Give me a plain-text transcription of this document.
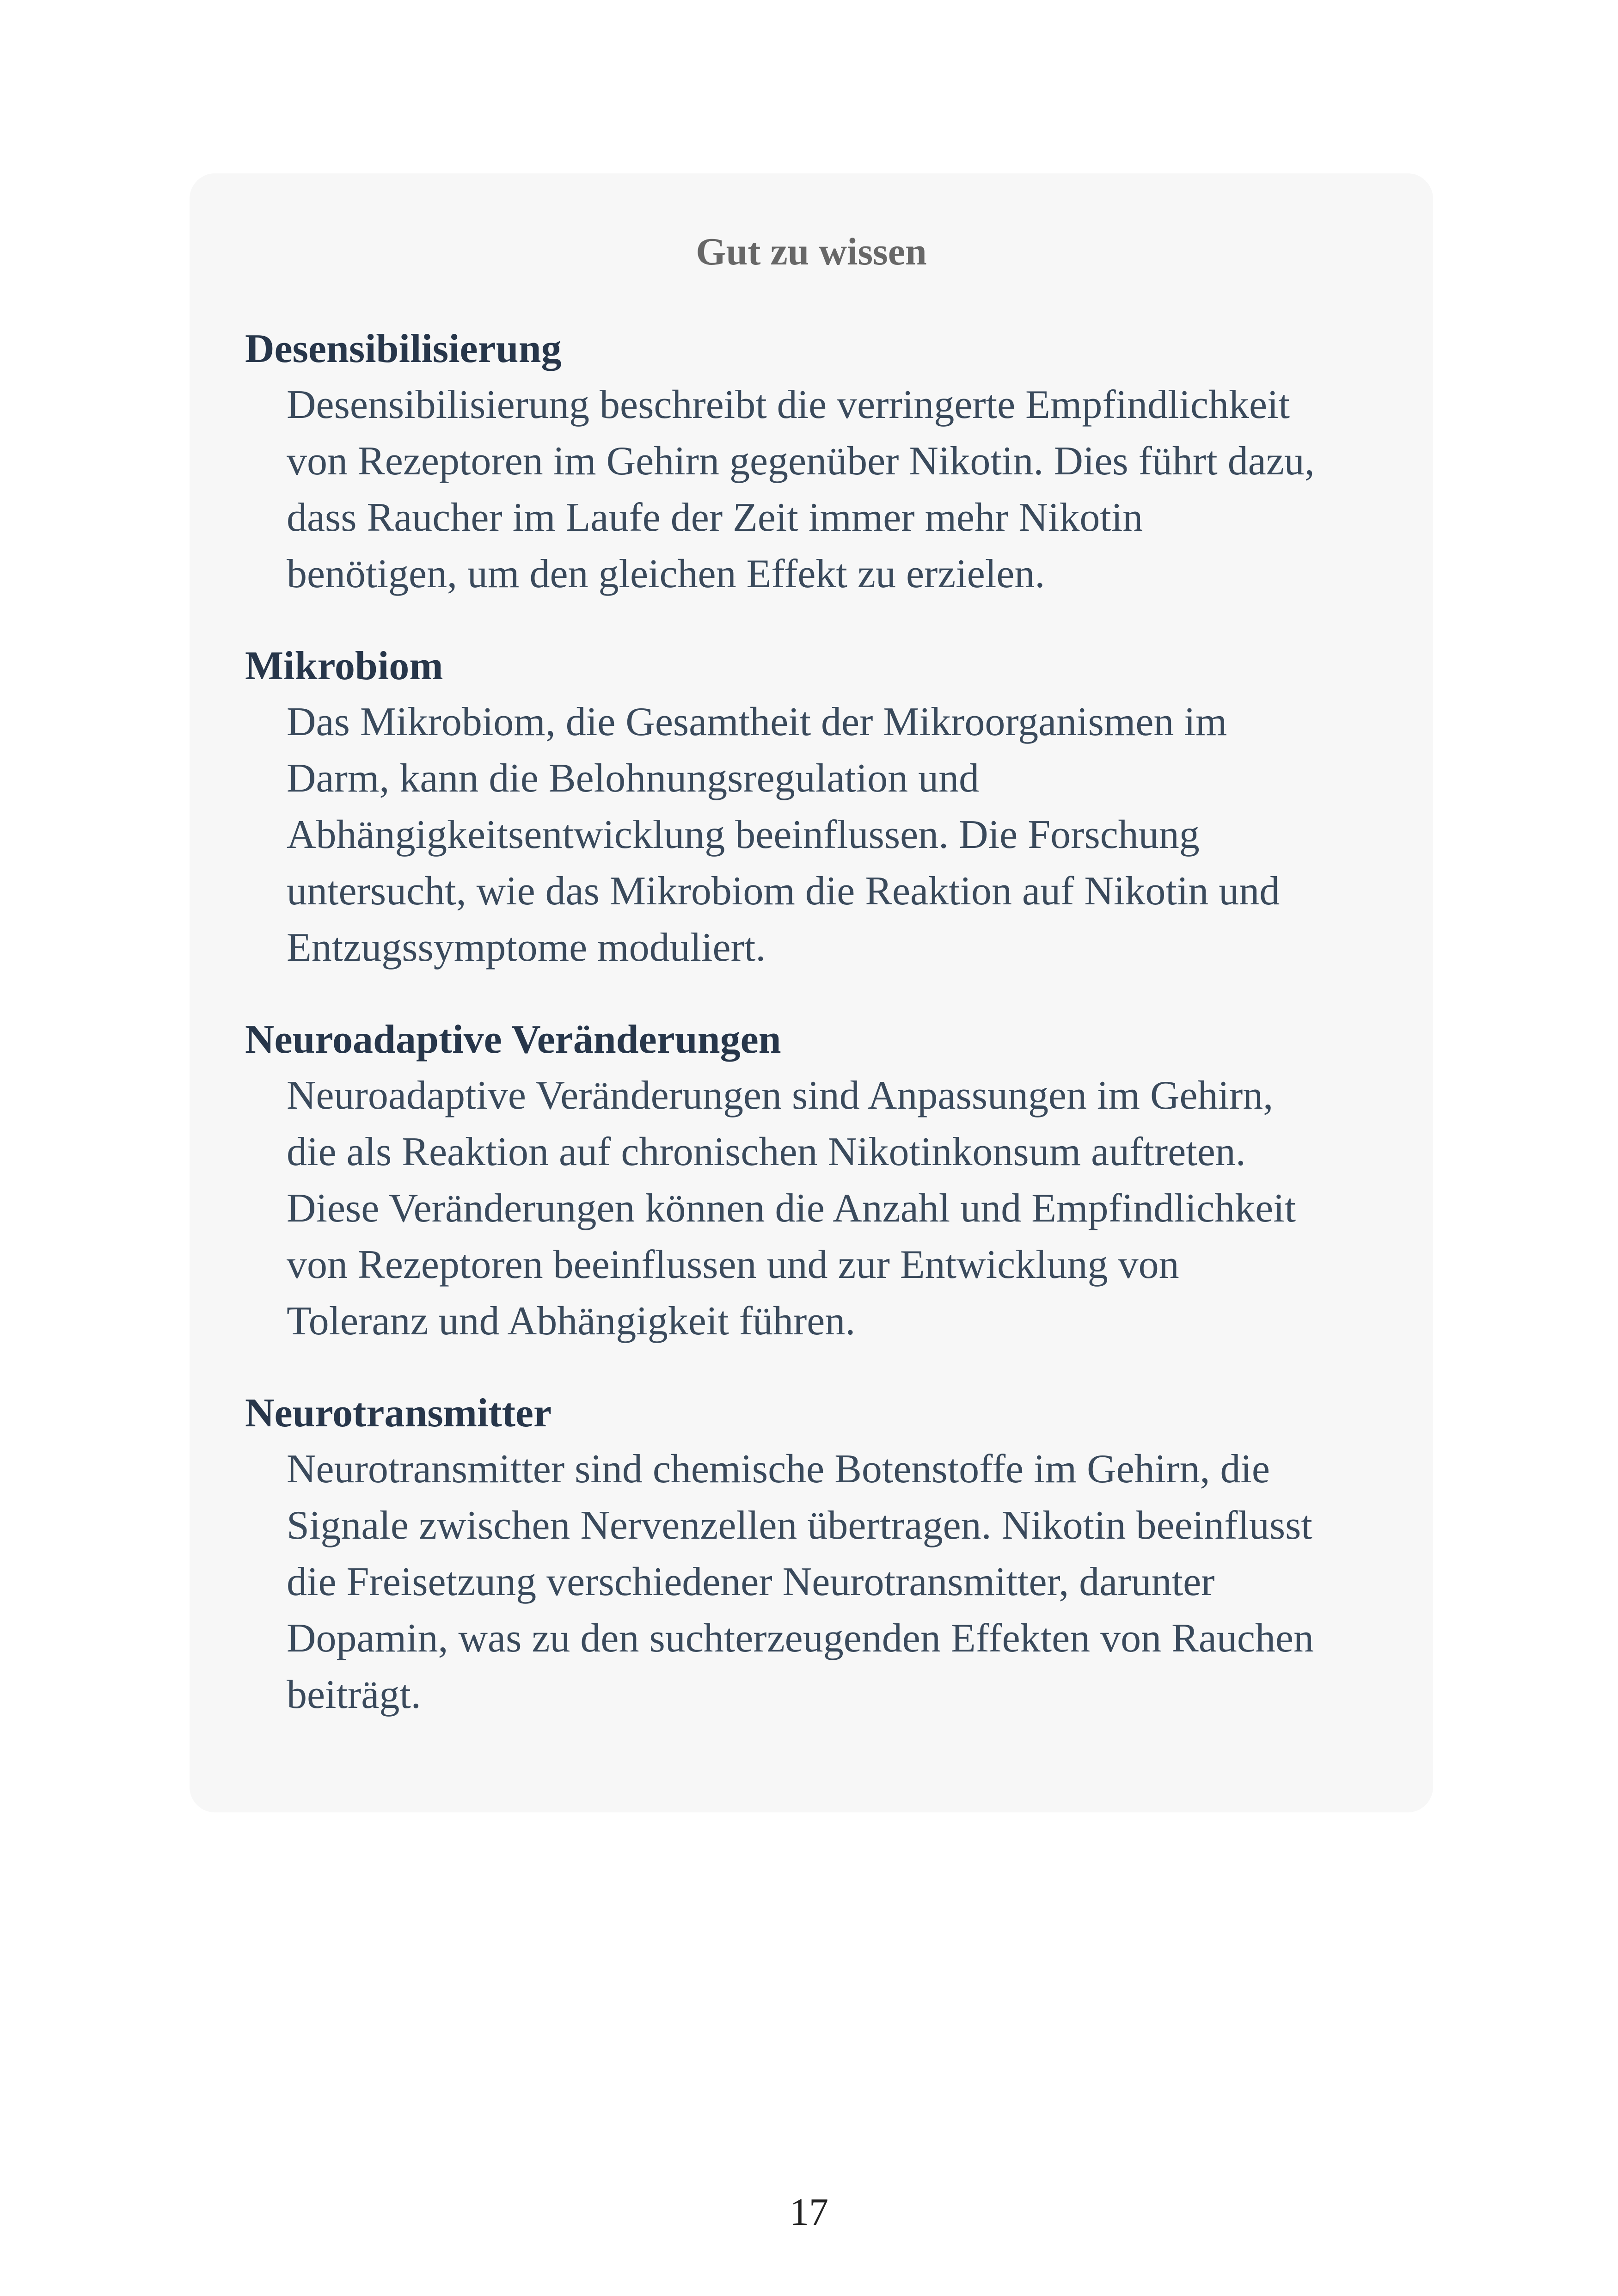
Gut zu wissen
Desensibilisierung
Desensibilisierung beschreibt die verringerte Empfindlichkeit
von Rezeptoren im Gehirn gegenüber Nikotin. Dies führt dazu,
dass Raucher im Laufe der Zeit immer mehr Nikotin
benötigen, um den gleichen Effekt zu erzielen.
Mikrobiom
Das Mikrobiom, die Gesamtheit der Mikroorganismen im
Darm, kann die Belohnungsregulation und
Abhängigkeitsentwicklung beeinflussen. Die Forschung
untersucht, wie das Mikrobiom die Reaktion auf Nikotin und
Entzugssymptome moduliert.
Neuroadaptive Veränderungen
Neuroadaptive Veränderungen sind Anpassungen im Gehirn,
die als Reaktion auf chronischen Nikotinkonsum auftreten.
Diese Veränderungen können die Anzahl und Empfindlichkeit
von Rezeptoren beeinflussen und zur Entwicklung von
Toleranz und Abhängigkeit führen.
Neurotransmitter
Neurotransmitter sind chemische Botenstoffe im Gehirn, die
Signale zwischen Nervenzellen übertragen. Nikotin beeinflusst
die Freisetzung verschiedener Neurotransmitter, darunter
Dopamin, was zu den suchterzeugenden Effekten von Rauchen
beiträgt.
17
